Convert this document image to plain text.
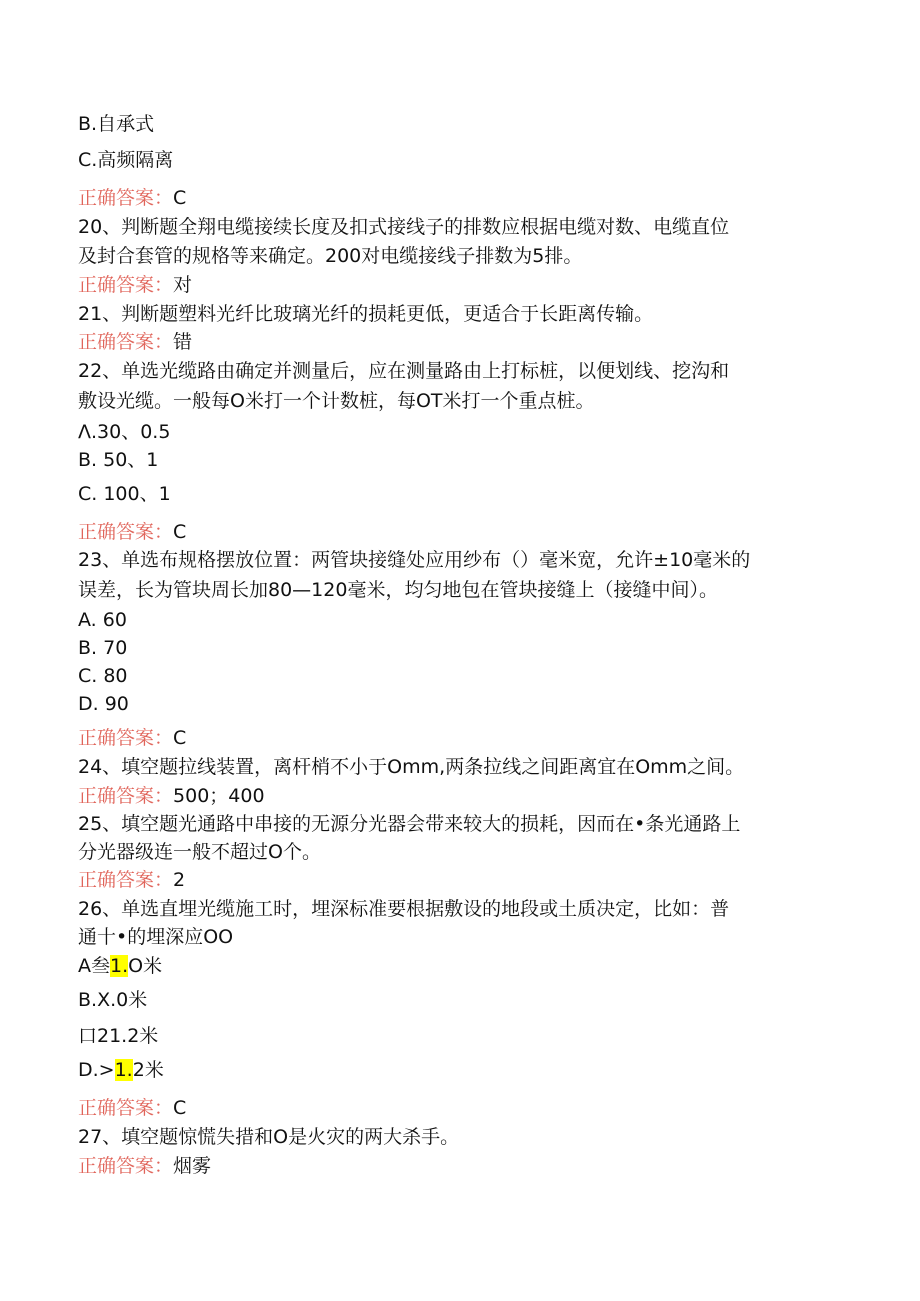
B.自承式
C.高频隔离
正确答案：C
20、判断题全翔电缆接续长度及扣式接线子的排数应根据电缆对数、电缆直位
及封合套管的规格等来确定。200对电缆接线子排数为5排。
正确答案：对
21、判断题塑料光纤比玻璃光纤的损耗更低，更适合于长距离传输。
正确答案：错
22、单选光缆路由确定并测量后，应在测量路由上打标桩，以便划线、挖沟和
敷设光缆。一般每O米打一个计数桩，每OT米打一个重点桩。
Λ.30、0.5
B. 50、1
C. 100、1
正确答案：C
23、单选布规格摆放位置：两管块接缝处应用纱布（）毫米宽，允许±10毫米的
误差，长为管块周长加80—120毫米，均匀地包在管块接缝上（接缝中间）。
A. 60
B. 70
C. 80
D. 90
正确答案：C
24、填空题拉线装置，离杆梢不小于Omm,两条拉线之间距离宜在Omm之间。
正确答案：500；400
25、填空题光通路中串接的无源分光器会带来较大的损耗，因而在•条光通路上
分光器级连一般不超过O个。
正确答案：2
26、单选直埋光缆施工时，埋深标准要根据敷设的地段或土质决定，比如：普
通十•的埋深应OO
A叁1.O米
B.X.0米
口21.2米
D.>1.2米
正确答案：C
27、填空题惊慌失措和O是火灾的两大杀手。
正确答案：烟雾
